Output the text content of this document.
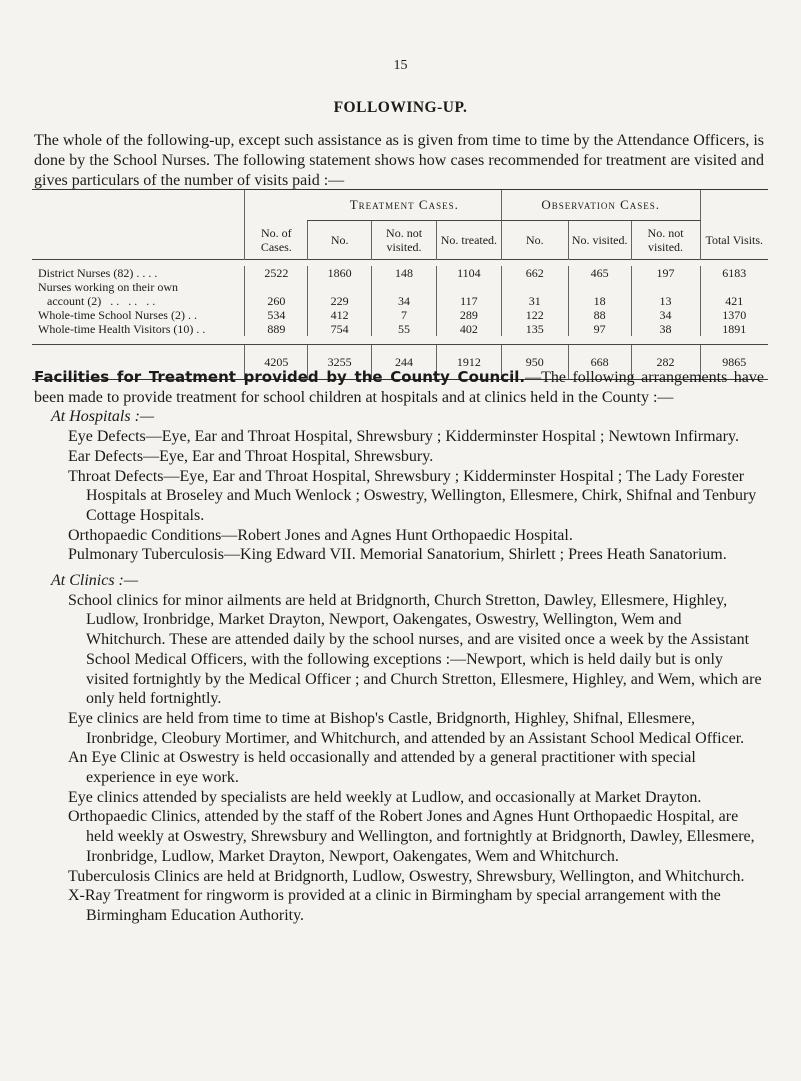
15
FOLLOWING-UP.

The whole of the following-up, except such assistance as is given from time to time by the Attendance Officers, is done by the School Nurses. The following statement shows how cases recommended for treatment are visited and gives particulars of the number of visits paid :—

		Treatment Cases.			Observation Cases.			
	No. of Cases.	No.	No. not visited.	No. treated.	No.	No. visited.	No. not visited.	Total Visits.

District Nurses (82) . . . .	2522	1860	148	1104	662	465	197	6183
Nurses working on their own								
account (2)   . .   . .   . .	260	229	34	117	31	18	13	421
Whole-time School Nurses (2) . .	534	412	7	289	122	88	34	1370
Whole-time Health Visitors (10) . .	889	754	55	402	135	97	38	1891

	4205	3255	244	1912	950	668	282	9865

Facilities for Treatment provided by the County Council.—The following arrangements have been made to provide treatment for school children at hospitals and at clinics held in the County :—

At Hospitals :—

Eye Defects—Eye, Ear and Throat Hospital, Shrewsbury ; Kidderminster Hospital ; Newtown Infirmary.

Ear Defects—Eye, Ear and Throat Hospital, Shrewsbury.

Throat Defects—Eye, Ear and Throat Hospital, Shrewsbury ; Kidderminster Hospital ; The Lady Forester Hospitals at Broseley and Much Wenlock ; Oswestry, Wellington, Ellesmere, Chirk, Shifnal and Tenbury Cottage Hospitals.

Orthopaedic Conditions—Robert Jones and Agnes Hunt Orthopaedic Hospital.

Pulmonary Tuberculosis—King Edward VII. Memorial Sanatorium, Shirlett ; Prees Heath Sanatorium.

At Clinics :—

School clinics for minor ailments are held at Bridgnorth, Church Stretton, Dawley, Ellesmere, Highley, Ludlow, Ironbridge, Market Drayton, Newport, Oakengates, Oswestry, Wellington, Wem and Whitchurch. These are attended daily by the school nurses, and are visited once a week by the Assistant School Medical Officers, with the following exceptions :—Newport, which is held daily but is only visited fortnightly by the Medical Officer ; and Church Stretton, Ellesmere, Highley, and Wem, which are only held fortnightly.

Eye clinics are held from time to time at Bishop's Castle, Bridgnorth, Highley, Shifnal, Ellesmere, Ironbridge, Cleobury Mortimer, and Whitchurch, and attended by an Assistant School Medical Officer.

An Eye Clinic at Oswestry is held occasionally and attended by a general practitioner with special experience in eye work.

Eye clinics attended by specialists are held weekly at Ludlow, and occasionally at Market Drayton.

Orthopaedic Clinics, attended by the staff of the Robert Jones and Agnes Hunt Orthopaedic Hospital, are held weekly at Oswestry, Shrewsbury and Wellington, and fortnightly at Bridgnorth, Dawley, Ellesmere, Ironbridge, Ludlow, Market Drayton, Newport, Oakengates, Wem and Whitchurch.

Tuberculosis Clinics are held at Bridgnorth, Ludlow, Oswestry, Shrewsbury, Wellington, and Whitchurch.

X-Ray Treatment for ringworm is provided at a clinic in Birmingham by special arrangement with the Birmingham Education Authority.
